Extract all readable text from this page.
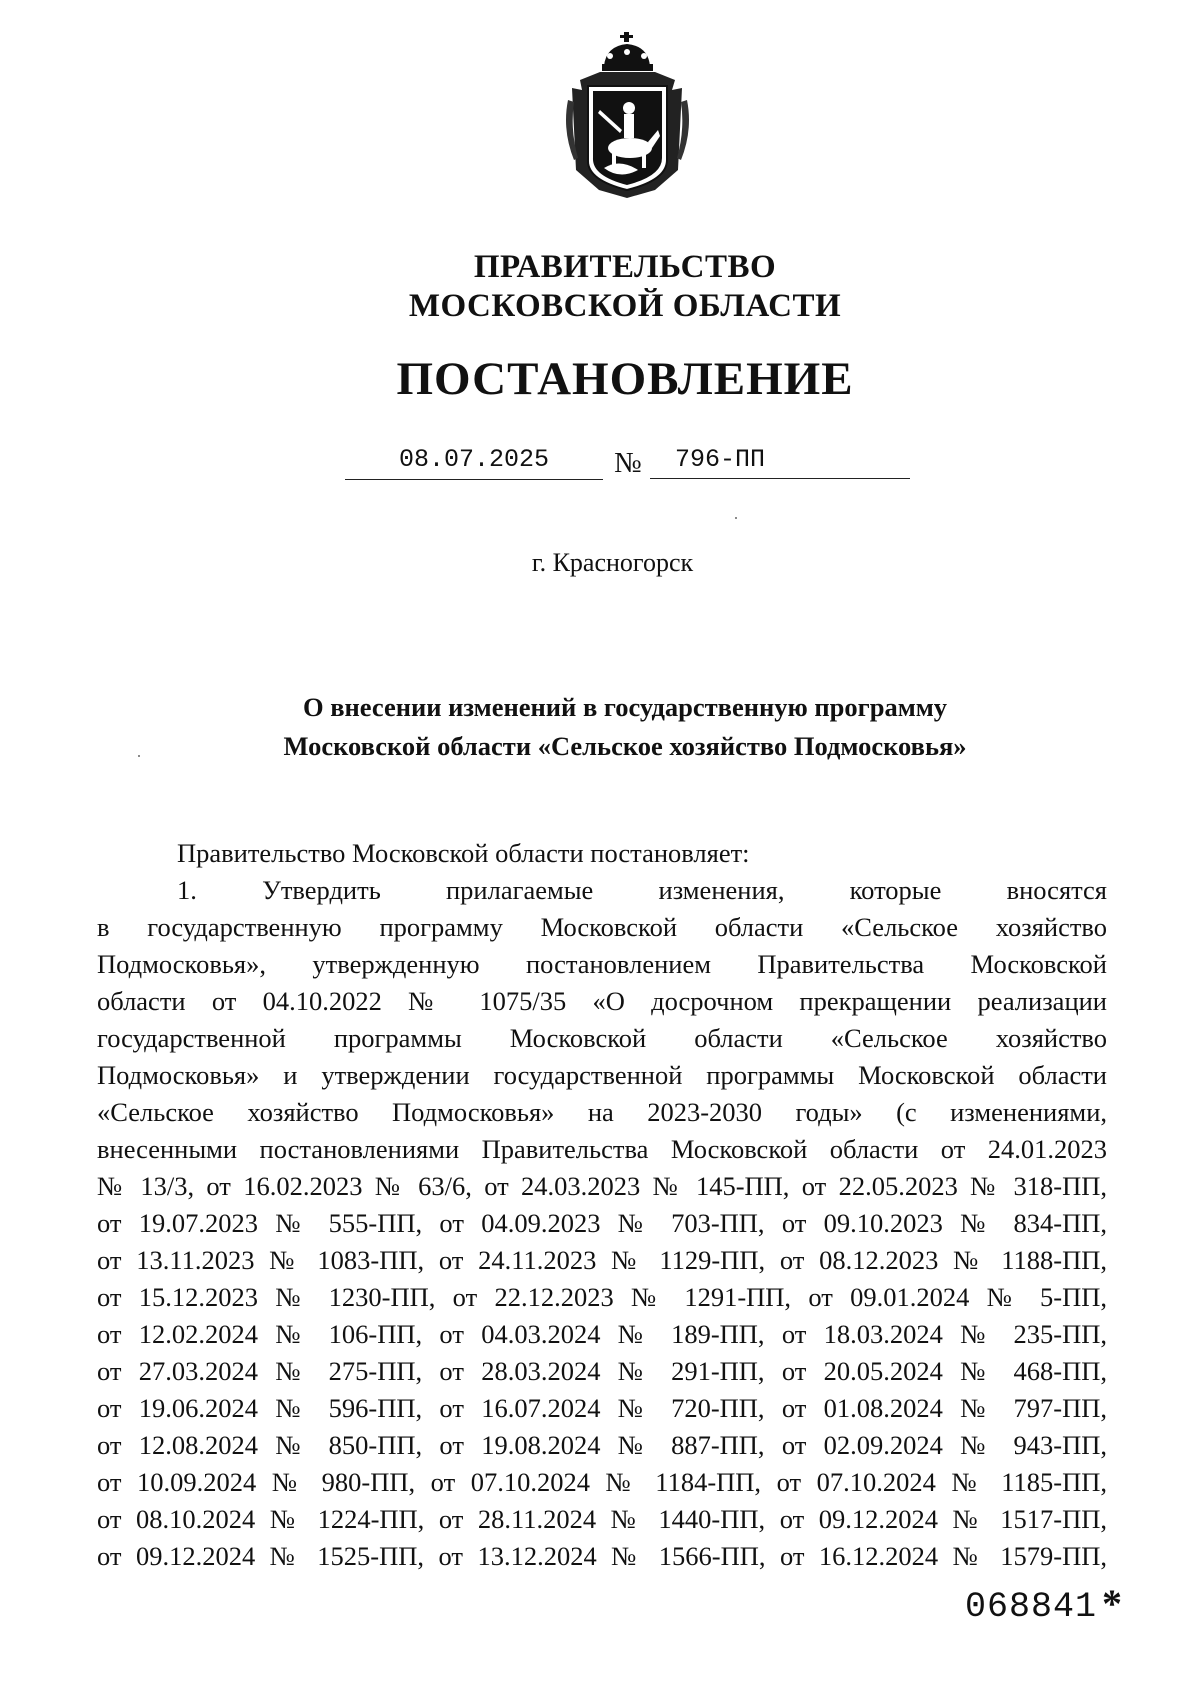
ПРАВИТЕЛЬСТВО
МОСКОВСКОЙ ОБЛАСТИ
ПОСТАНОВЛЕНИЕ
08.07.2025	№	796-ПП
г. Красногорск
О внесении изменений в государственную программу
Московской области «Сельское хозяйство Подмосковья»
Правительство Московской области постановляет:
1. Утвердить прилагаемые изменения, которые вносятся
в государственную программу Московской области «Сельское хозяйство
Подмосковья», утвержденную постановлением Правительства Московской
области от 04.10.2022 № 1075/35 «О досрочном прекращении реализации
государственной программы Московской области «Сельское хозяйство
Подмосковья» и утверждении государственной программы Московской области
«Сельское хозяйство Подмосковья» на 2023-2030 годы» (с изменениями,
внесенными постановлениями Правительства Московской области от 24.01.2023
№ 13/3, от 16.02.2023 № 63/6, от 24.03.2023 № 145-ПП, от 22.05.2023 № 318-ПП,
от 19.07.2023 № 555-ПП, от 04.09.2023 № 703-ПП, от 09.10.2023 № 834-ПП,
от 13.11.2023 № 1083-ПП, от 24.11.2023 № 1129-ПП, от 08.12.2023 № 1188-ПП,
от 15.12.2023 № 1230-ПП, от 22.12.2023 № 1291-ПП, от 09.01.2024 № 5-ПП,
от 12.02.2024 № 106-ПП, от 04.03.2024 № 189-ПП, от 18.03.2024 № 235-ПП,
от 27.03.2024 № 275-ПП, от 28.03.2024 № 291-ПП, от 20.05.2024 № 468-ПП,
от 19.06.2024 № 596-ПП, от 16.07.2024 № 720-ПП, от 01.08.2024 № 797-ПП,
от 12.08.2024 № 850-ПП, от 19.08.2024 № 887-ПП, от 02.09.2024 № 943-ПП,
от 10.09.2024 № 980-ПП, от 07.10.2024 № 1184-ПП, от 07.10.2024 № 1185-ПП,
от 08.10.2024 № 1224-ПП, от 28.11.2024 № 1440-ПП, от 09.12.2024 № 1517-ПП,
от 09.12.2024 № 1525-ПП, от 13.12.2024 № 1566-ПП, от 16.12.2024 № 1579-ПП,
068841 *
